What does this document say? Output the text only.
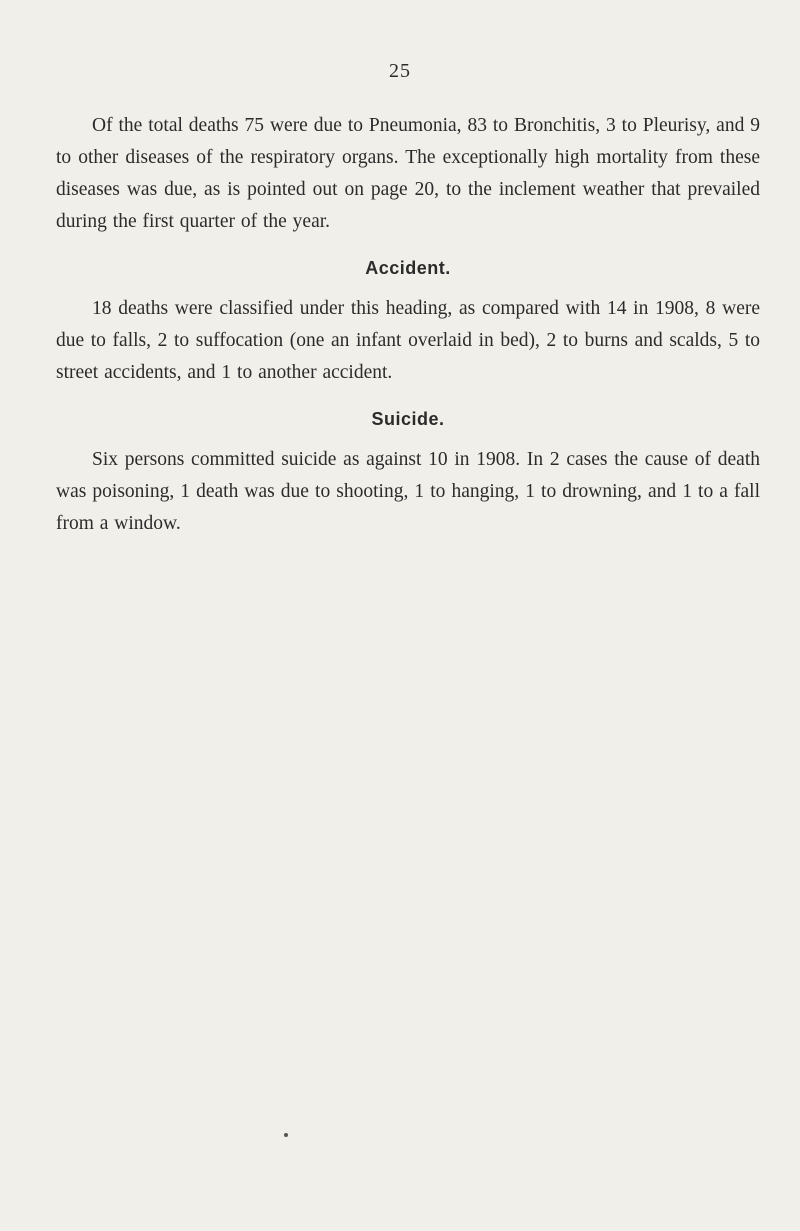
25

Of the total deaths 75 were due to Pneumonia, 83 to Bronchitis, 3 to Pleurisy, and 9 to other diseases of the respiratory organs. The exceptionally high mortality from these diseases was due, as is pointed out on page 20, to the inclement weather that prevailed during the first quarter of the year.

Accident.

18 deaths were classified under this heading, as compared with 14 in 1908, 8 were due to falls, 2 to suffocation (one an infant overlaid in bed), 2 to burns and scalds, 5 to street accidents, and 1 to another accident.

Suicide.

Six persons committed suicide as against 10 in 1908. In 2 cases the cause of death was poisoning, 1 death was due to shooting, 1 to hanging, 1 to drowning, and 1 to a fall from a window.
